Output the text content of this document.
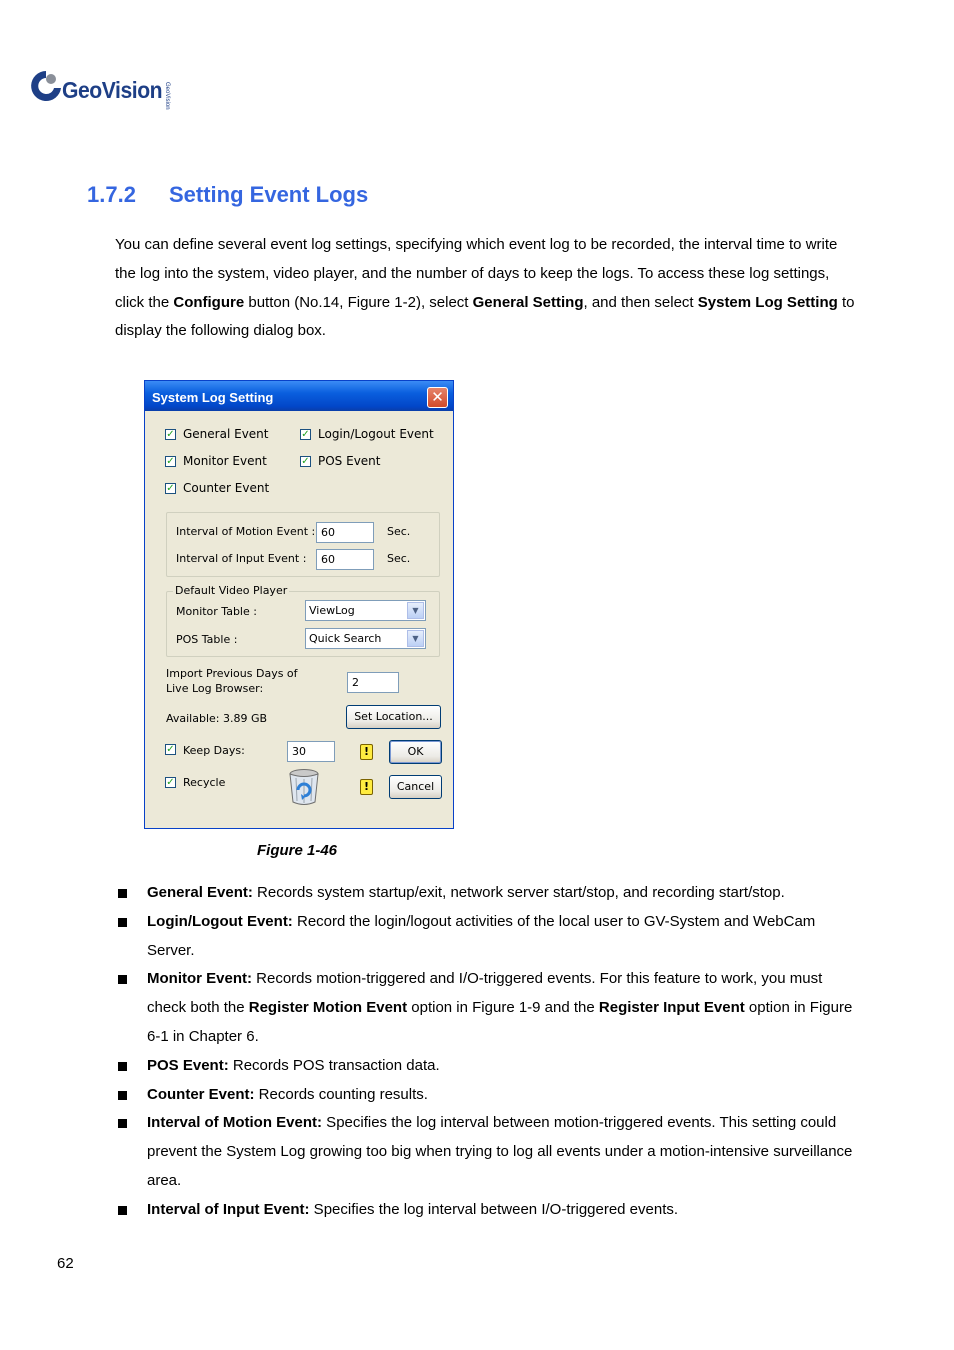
GeoVision GeoVision
1.7.2 Setting Event Logs
You can define several event log settings, specifying which event log to be recorded, the interval time to write the log into the system, video player, and the number of days to keep the logs. To access these log settings, click the Configure button (No.14, Figure 1-2), select General Setting, and then select System Log Setting to display the following dialog box.
System Log Setting	✕
✓ General Event	✓ Login/Logout Event
✓ Monitor Event	✓ POS Event
✓ Counter Event
Interval of Motion Event : 60	Sec.
Interval of Input Event :	60	Sec.
Default Video Player
Monitor Table :	ViewLog	▼
POS Table :	Quick Search	▼
Import Previous Days of
Live Log Browser:	2
Available: 3.89 GB	Set Location...
✓ Keep Days:	30	!	OK
✓ Recycle	!	Cancel
Figure 1-46
General Event: Records system startup/exit, network server start/stop, and recording start/stop.
Login/Logout Event: Record the login/logout activities of the local user to GV-System and WebCam Server.
Monitor Event: Records motion-triggered and I/O-triggered events. For this feature to work, you must check both the Register Motion Event option in Figure 1-9 and the Register Input Event option in Figure 6-1 in Chapter 6.
POS Event: Records POS transaction data.
Counter Event: Records counting results.
Interval of Motion Event: Specifies the log interval between motion-triggered events. This setting could prevent the System Log growing too big when trying to log all events under a motion-intensive surveillance area.
Interval of Input Event: Specifies the log interval between I/O-triggered events.
62
